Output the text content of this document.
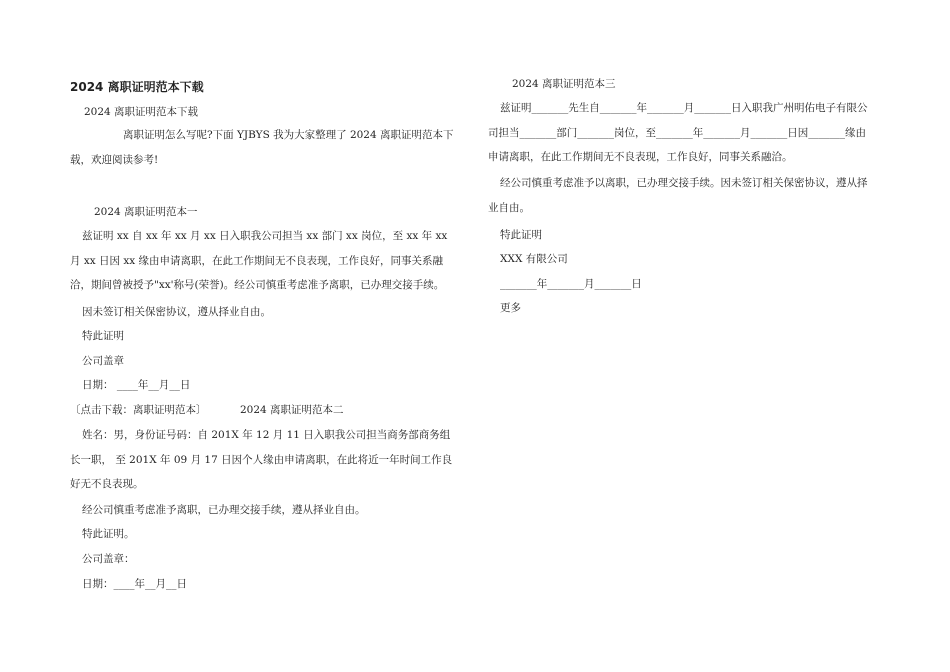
2024 离职证明范本下载
2024 离职证明范本下载
离职证明怎么写呢?下面 YJBYS 我为大家整理了 2024 离职证明范本下载，欢迎阅读参考!
2024 离职证明范本一
兹证明 xx 自 xx 年 xx 月 xx 日入职我公司担当 xx 部门 xx 岗位，至 xx 年 xx 月 xx 日因 xx 缘由申请离职，在此工作期间无不良表现，工作良好，同事关系融洽，期间曾被授予"xx'称号(荣誉)。经公司慎重考虑准予离职，已办理交接手续。
因未签订相关保密协议，遵从择业自由。
特此证明
公司盖章
日期： ____年__月__日
〔点击下载：离职证明范本〕	2024 离职证明范本二
姓名：男，身份证号码：自 201X 年 12 月 11 日入职我公司担当商务部商务组长一职， 至 201X 年 09 月 17 日因个人缘由申请离职，在此将近一年时间工作良好无不良表现。
经公司慎重考虑准予离职，已办理交接手续，遵从择业自由。
特此证明。
公司盖章：
日期：____年__月__日
2024 离职证明范本三
兹证明_______先生自_______年_______月_______日入职我广州明佑电子有限公司担当_______部门_______岗位，至_______年_______月_______日因_______缘由申请离职，在此工作期间无不良表现，工作良好，同事关系融洽。
经公司慎重考虑准予以离职，已办理交接手续。因未签订相关保密协议，遵从择业自由。
特此证明
XXX 有限公司
_______年_______月_______日
更多
